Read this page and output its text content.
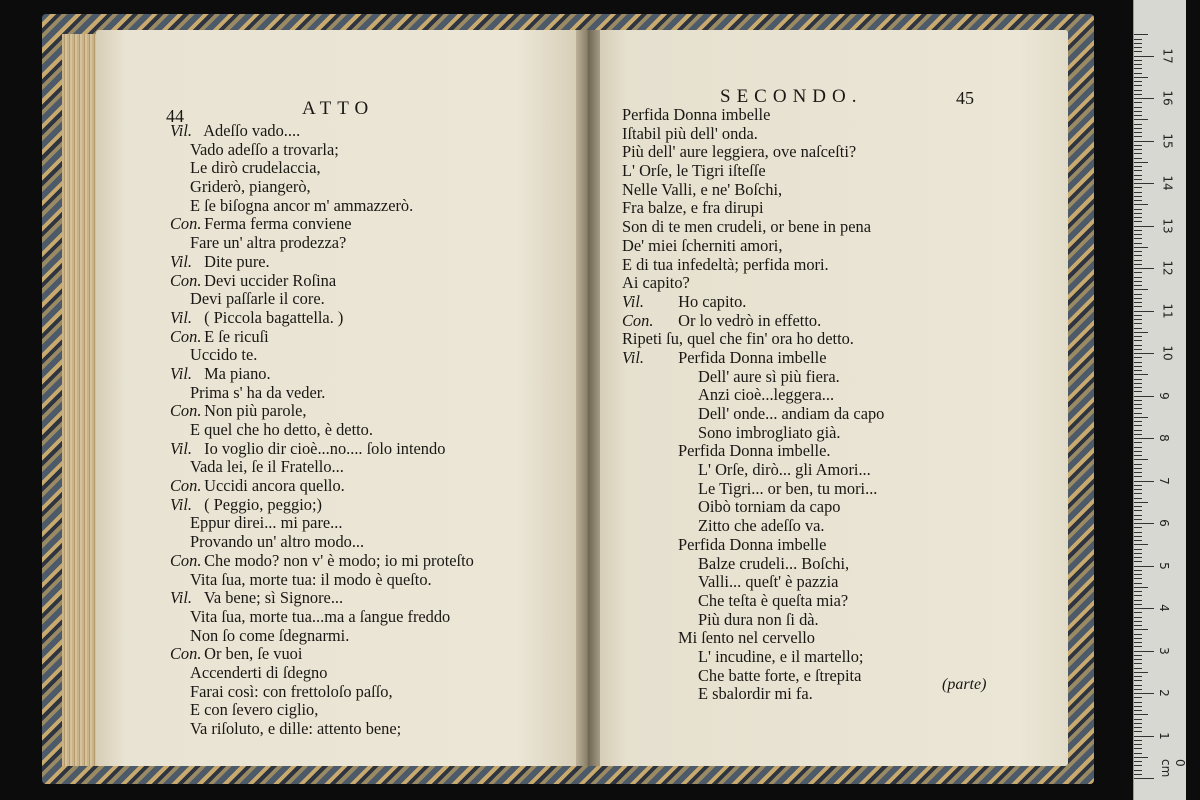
44	ATTO
Vil. Adeſſo vado....
Vado adeſſo a trovarla;
Le dirò crudelaccia,
Griderò, piangerò,
E ſe biſogna ancor m' ammazzerò.
Con. Ferma ferma conviene
Fare un' altra prodezza?
Vil. Dite pure.
Con. Devi uccider Roſina
Devi paſſarle il core.
Vil. ( Piccola bagattella. )
Con. E ſe ricuſi
Uccido te.
Vil. Ma piano.
Prima s' ha da veder.
Con. Non più parole,
E quel che ho detto, è detto.
Vil. Io voglio dir cioè...no.... ſolo intendo
Vada lei, ſe il Fratello...
Con. Uccidi ancora quello.
Vil. ( Peggio, peggio;)
Eppur direi... mi pare...
Provando un' altro modo...
Con. Che modo? non v' è modo; io mi proteſto
Vita ſua, morte tua: il modo è queſto.
Vil. Va bene; sì Signore...
Vita ſua, morte tua...ma a ſangue freddo
Non ſo come ſdegnarmi.
Con. Or ben, ſe vuoi
Accenderti di ſdegno
Farai così: con frettoloſo paſſo,
E con ſevero ciglio,
Va riſoluto, e dille: attento bene;
SECONDO.	45
Perfida Donna imbelle
Iſtabil più dell' onda.
Più dell' aure leggiera, ove naſceſti?
L' Orſe, le Tigri iſteſſe
Nelle Valli, e ne' Boſchi,
Fra balze, e fra dirupi
Son di te men crudeli, or bene in pena
De' miei ſcherniti amori,
E di tua infedeltà; perfida mori.
Ai capito?
Vil. Ho capito.
Con. Or lo vedrò in effetto.
Ripeti ſu, quel che fin' ora ho detto.
Vil. Perfida Donna imbelle
Dell' aure sì più fiera.
Anzi cioè...leggera...
Dell' onde... andiam da capo
Sono imbrogliato già.
Perfida Donna imbelle.
L' Orſe, dirò... gli Amori...
Le Tigri... or ben, tu mori...
Oibò torniam da capo
Zitto che adeſſo va.
Perfida Donna imbelle
Balze crudeli... Boſchi,
Valli... queſt' è pazzia
Che teſta è queſta mia?
Più dura non ſi dà.
Mi ſento nel cervello
L' incudine, e il martello;
Che batte forte, e ſtrepita
E sbalordir mi fa.	(parte)
0 cm
1
2
3
4
5
6
7
8
9
10
11
12
13
14
15
16
17
